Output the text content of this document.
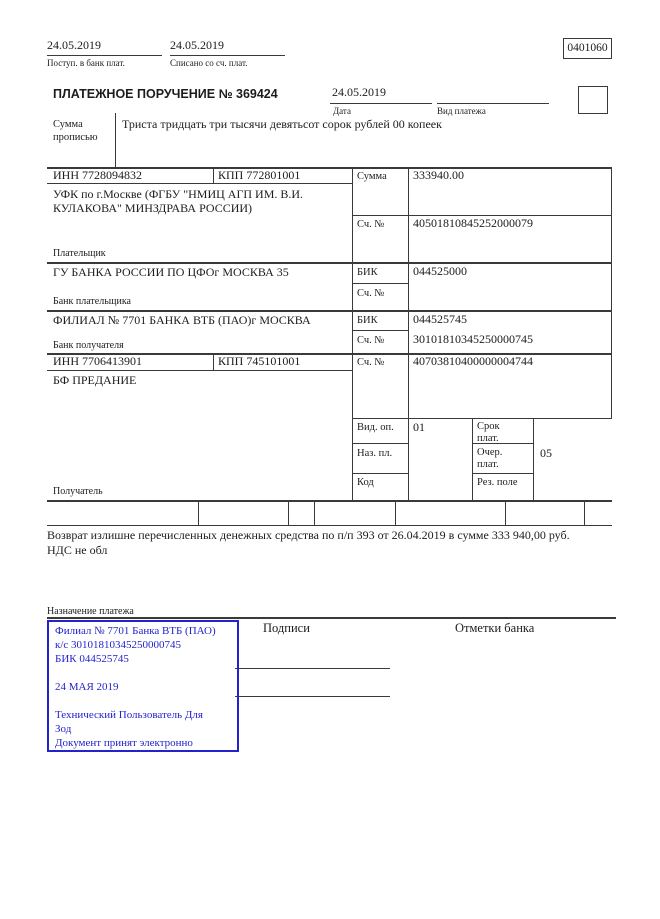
24.05.2019	24.05.2019
Поступ. в банк плат.	Списано со сч. плат.
0401060
ПЛАТЕЖНОЕ ПОРУЧЕНИЕ № 369424	24.05.2019
Дата	Вид платежа
Сумма
прописью
Триста тридцать три тысячи девятьсот сорок рублей 00 копеек
ИНН 7728094832	КПП 772801001	Сумма 333940.00
УФК по г.Москве (ФГБУ "НМИЦ АГП ИМ. В.И. КУЛАКОВА" МИНЗДРАВА РОССИИ)
Сч. № 40501810845252000079
Плательщик
ГУ БАНКА РОССИИ ПО ЦФОг МОСКВА 35	БИК	044525000
Сч. №
Банк плательщика
ФИЛИАЛ № 7701 БАНКА ВТБ (ПАО)г МОСКВА	БИК	044525745
Сч. № 30101810345250000745
Банк получателя
ИНН 7706413901	КПП 745101001	Сч. № 40703810400000004744
БФ ПРЕДАНИЕ
Получатель
Вид. оп. 01	Срок
плат.
Наз. пл.	Очер.
плат.
05
Код	Рез. поле
Возврат излишне перечисленных денежных средства по п/п 393 от 26.04.2019 в сумме 333 940,00 руб.
НДС не обл
Назначение платежа
Подписи	Отметки банка
Филиал № 7701 Банка ВТБ (ПАО)
к/с 30101810345250000745
БИК 044525745
24 МАЯ 2019
Технический Пользователь Для
Зод
Документ принят электронно
